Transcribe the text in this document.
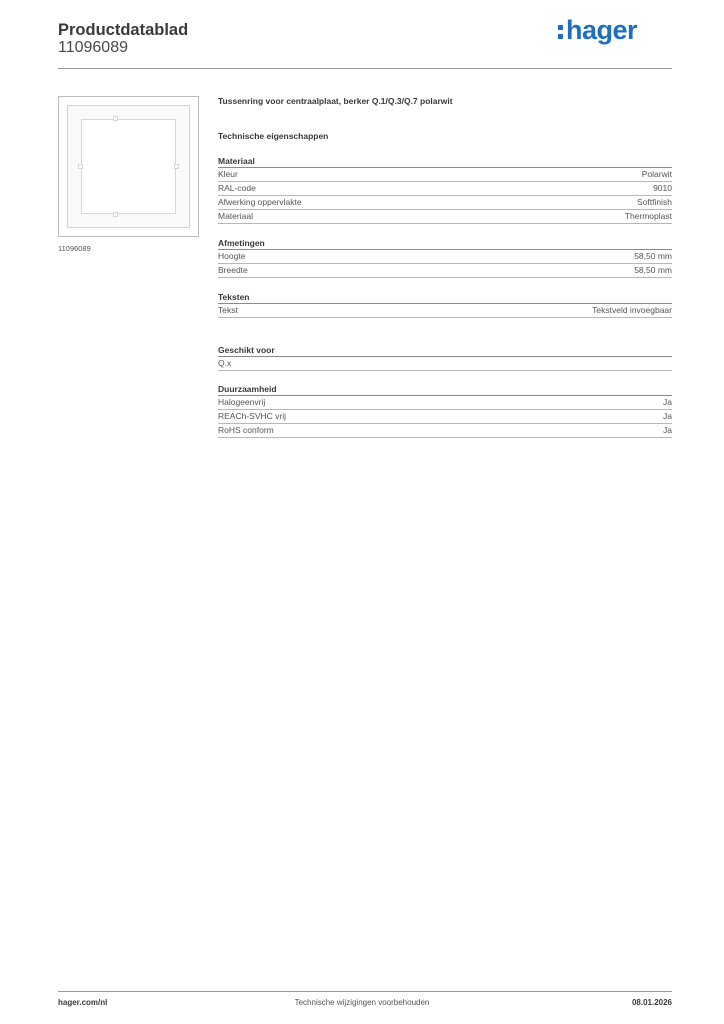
Productdatablad
11096089
hager
11096089
Tussenring voor centraalplaat, berker Q.1/Q.3/Q.7 polarwit
Technische eigenschappen
Materiaal
Kleur	Polarwit
RAL-code	9010
Afwerking oppervlakte	Softfinish
Materiaal	Thermoplast
Afmetingen
Hoogte	58,50 mm
Breedte	58,50 mm
Teksten
Tekst	Tekstveld invoegbaar
Geschikt voor
Q.x
Duurzaamheid
Halogeenvrij	Ja
REACh-SVHC vrij	Ja
RoHS conform	Ja
hager.com/nl	Technische wijzigingen voorbehouden	08.01.2026
